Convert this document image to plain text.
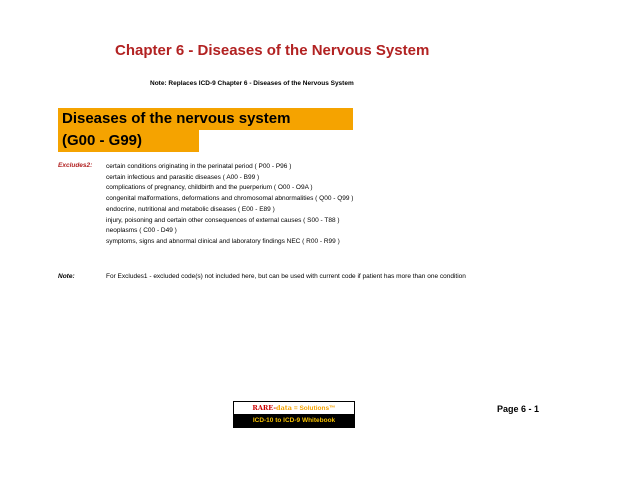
Chapter 6 - Diseases of the Nervous System
Note: Replaces ICD-9 Chapter 6 - Diseases of the Nervous System
Diseases of the nervous system
(G00 - G99)
Excludes2: certain conditions originating in the perinatal period ( P00 - P96 )
certain infectious and parasitic diseases ( A00 - B99 )
complications of pregnancy, childbirth and the puerperium ( O00 - O9A )
congenital malformations, deformations and chromosomal abnormalities ( Q00 - Q99 )
endocrine, nutritional and metabolic diseases ( E00 - E89 )
injury, poisoning and certain other consequences of external causes ( S00 - T88 )
neoplasms ( C00 - D49 )
symptoms, signs and abnormal clinical and laboratory findings NEC ( R00 - R99 )
Note:	For Excludes1 - excluded code(s) not included here, but can be used with current code if patient has more than one condition
RARE-data = Solutions™
ICD-10 to ICD-9 Whitebook
Page 6 - 1
